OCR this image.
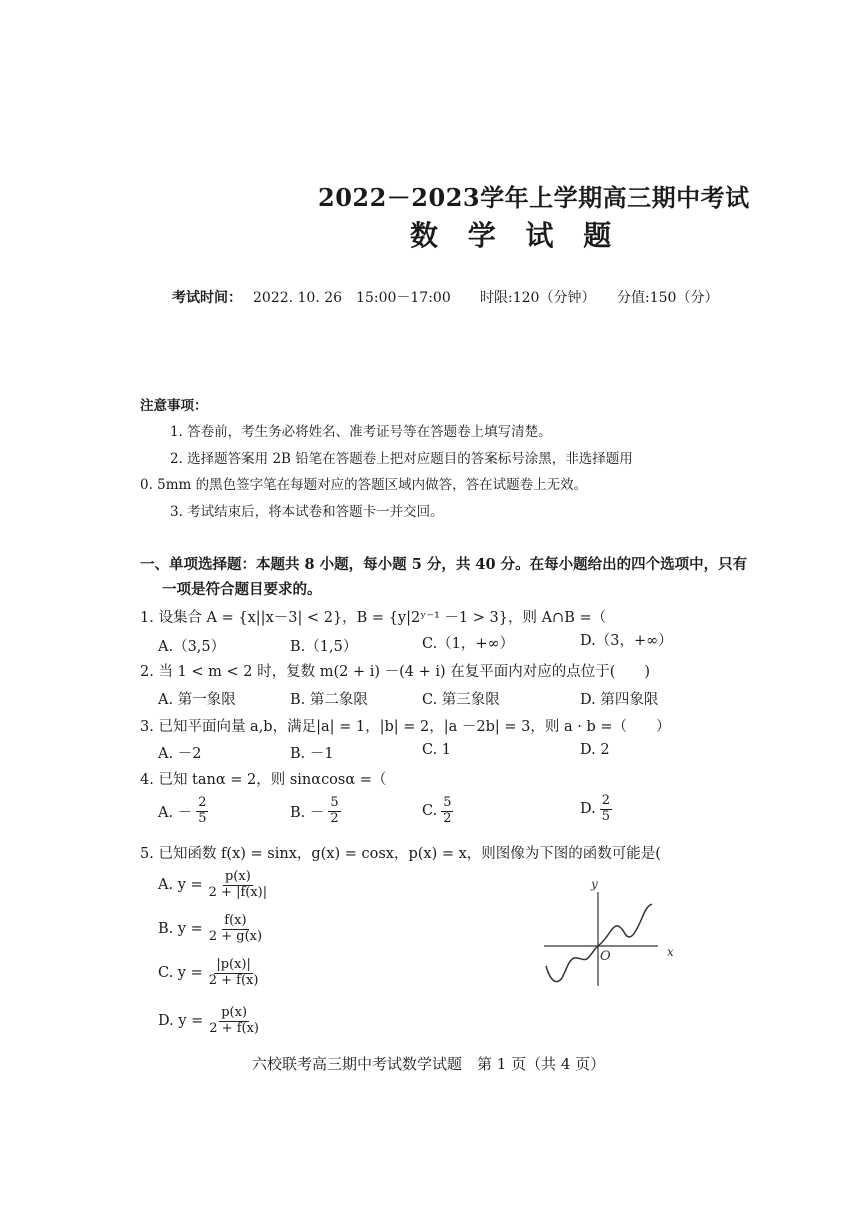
2022－2023学年上学期高三期中考试
数 学 试 题
考试时间： 2022. 10. 26　15:00－17:00 时限:120（分钟） 分值:150（分）
注意事项：
1. 答卷前，考生务必将姓名、准考证号等在答题卷上填写清楚。
2. 选择题答案用 2B 铅笔在答题卷上把对应题目的答案标号涂黑，非选择题用
0. 5mm 的黑色签字笔在每题对应的答题区域内做答，答在试题卷上无效。
3. 考试结束后，将本试卷和答题卡一并交回。
一、单项选择题：本题共 8 小题，每小题 5 分，共 40 分。在每小题给出的四个选项中，只有
一项是符合题目要求的。
1. 设集合 A = {x||x－3| < 2}，B = {y|2ʸ⁻¹ －1 > 3}，则 A∩B =（
A.（3,5）	B.（1,5）	C.（1，+∞）	D.（3，+∞）
2. 当 1 < m < 2 时，复数 m(2 + i) －(4 + i) 在复平面内对应的点位于(　　)
A. 第一象限	B. 第二象限	C. 第三象限	D. 第四象限
3. 已知平面向量 a,b，满足|a| = 1，|b| = 2，|a －2b| = 3，则 a · b =（　　）
A. －2	B. －1	C. 1	D. 2
4. 已知 tanα = 2，则 sinαcosα =（
A. － $\frac{2}{5}$	B. － $\frac{5}{2}$	C. $\frac{5}{2}$	D. $\frac{2}{5}$
5. 已知函数 f(x) = sinx，g(x) = cosx，p(x) = x，则图像为下图的函数可能是(
A. $y = \frac{p(x)}{2 + |f(x)|}$
B. $y = \frac{f(x)}{2 + g(x)}$
C. $y = \frac{|p(x)|}{2 + f(x)}$
D. $y = \frac{p(x)}{2 + f(x)}$
y
x
O
六校联考高三期中考试数学试题　第 1 页（共 4 页）
